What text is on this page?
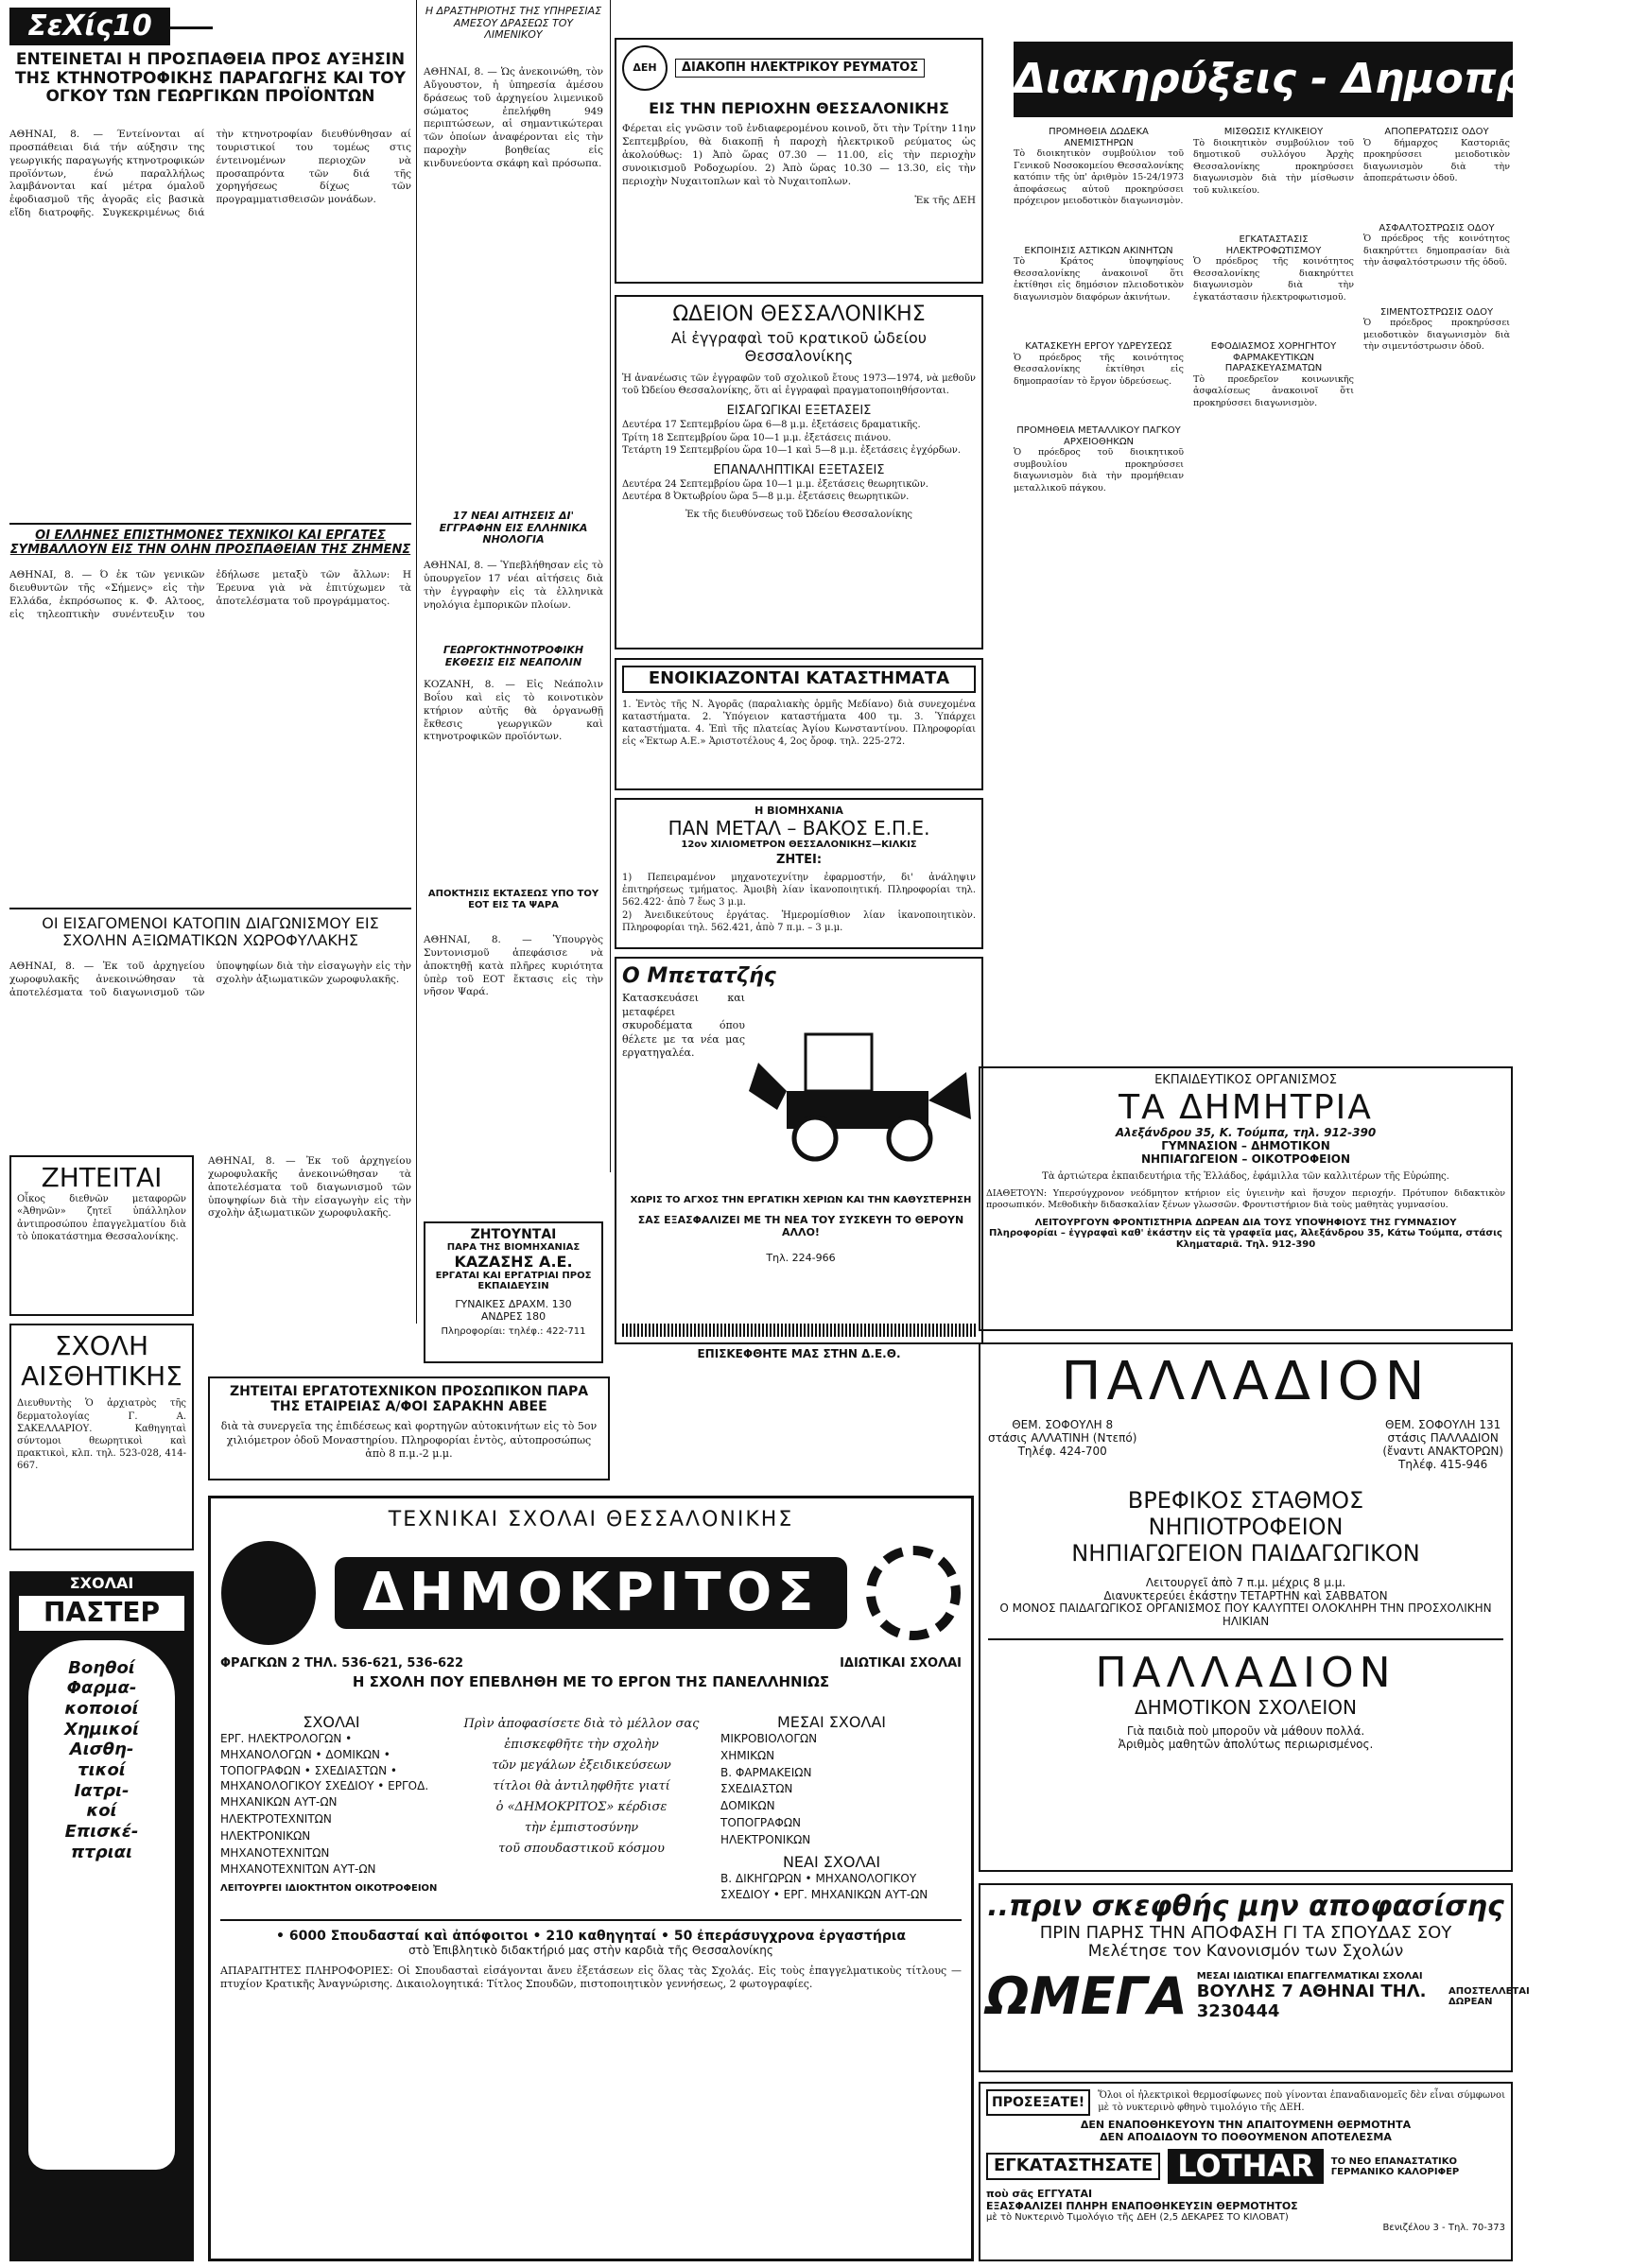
ΣεΧίς10
ΕΝΤΕΙΝΕΤΑΙ Η ΠΡΟΣΠΑΘΕΙΑ ΠΡΟΣ ΑΥΞΗΣΙΝ ΤΗΣ ΚΤΗΝΟΤΡΟΦΙΚΗΣ ΠΑΡΑΓΩΓΗΣ ΚΑΙ ΤΟΥ ΟΓΚΟΥ ΤΩΝ ΓΕΩΡΓΙΚΩΝ ΠΡΟΪΟΝΤΩΝ
ΑΘΗΝΑΙ, 8. — Έντείνονται αί προσπάθειαι διά τήν αύξησιν της γεωργικής παραγωγής κτηνοτροφικών προϊόντων, ένώ παραλλήλως λαμβάνονται καί μέτρα όμαλοῦ ἐφοδιασμοῦ τῆς ἀγορᾶς εἰς βασικὰ εἴδη διατροφῆς. Συγκεκριμένως διά τὴν κτηνοτροφίαν διευθύνθησαν αί τουριστικοί του τομέως στις έντεινομένων περιοχῶν νὰ προσαπρόντα τῶν διά τῆς χορηγήσεως δίχως τῶν προγραμματισθεισῶν μονάδων.
ΟΙ ΕΛΛΗΝΕΣ ΕΠΙΣΤΗΜΟΝΕΣ ΤΕΧΝΙΚΟΙ ΚΑΙ ΕΡΓΑΤΕΣ ΣΥΜΒΑΛΛΟΥΝ ΕΙΣ ΤΗΝ ΟΛΗΝ ΠΡΟΣΠΑΘΕΙΑΝ ΤΗΣ ΖΗΜΕΝΣ
ΑΘΗΝΑΙ, 8. — Ό ἐκ τῶν γενικῶν διευθυντῶν τῆς «Σήμενς» εἰς τὴν Ελλάδα, ἐκπρόσωπος κ. Φ. Αλτοος, εἰς τηλεοπτικὴν συνέντευξιν του ἐδήλωσε μεταξὺ τῶν ἄλλων: Η Έρευνα γιὰ νὰ ἐπιτύχωμεν τὰ ἀποτελέσματα τοῦ προγράμματος.
ΟΙ ΕΙΣΑΓΟΜΕΝΟΙ ΚΑΤΟΠΙΝ ΔΙΑΓΩΝΙΣΜΟΥ ΕΙΣ ΣΧΟΛΗΝ ΑΞΙΩΜΑΤΙΚΩΝ ΧΩΡΟΦΥΛΑΚΗΣ
ΑΘΗΝΑΙ, 8. — Ἐκ τοῦ ἀρχηγείου χωροφυλακῆς ἀνεκοινώθησαν τὰ ἀποτελέσματα τοῦ διαγωνισμοῦ τῶν ὑποψηφίων διὰ τὴν εἰσαγωγὴν εἰς τὴν σχολὴν ἀξιωματικῶν χωροφυλακῆς.
ΖΗΤΕΙΤΑΙ
Οἶκος διεθνῶν μεταφορῶν «Ἀθηνῶν» ζητεῖ ὑπάλληλον ἀντιπροσώπου ἐπαγγελματίου διὰ τὸ ὑποκατάστημα Θεσσαλονίκης.
ΣΧΟΛΗ ΑΙΣΘΗΤΙΚΗΣ
Διευθυντὴς Ὁ ἀρχιατρὸς τῆς δερματολογίας Γ. Α. ΣΑΚΕΛΛΑΡΙΟΥ. Καθηγηταὶ σύντομοι θεωρητικοὶ καὶ πρακτικοὶ, κλπ. τηλ. 523-028, 414-667.
ΣΧΟΛΑΙ
ΠΑΣΤΕΡ
Βοηθοί
Φαρμα-
κοποιοί
Χημικοί
Αισθη-
τικοί
Ιατρι-
κοί
Επισκέ-
πτριαι
Η ΔΡΑΣΤΗΡΙΟΤΗΣ ΤΗΣ ΥΠΗΡΕΣΙΑΣ ΑΜΕΣΟΥ ΔΡΑΣΕΩΣ ΤΟΥ ΛΙΜΕΝΙΚΟΥ
ΑΘΗΝΑΙ, 8. — Ὡς ἀνεκοινώθη, τὸν Αὔγουστον, ἡ ὑπηρεσία ἀμέσου δράσεως τοῦ ἀρχηγείου λιμενικοῦ σώματος ἐπελήφθη 949 περιπτώσεων, αἱ σημαντικώτεραι τῶν ὁποίων ἀναφέρονται εἰς τὴν παροχὴν βοηθείας εἰς κινδυνεύοντα σκάφη καὶ πρόσωπα.
17 ΝΕΑΙ ΑΙΤΗΣΕΙΣ ΔΙ' ΕΓΓΡΑΦΗΝ ΕΙΣ ΕΛΛΗΝΙΚΑ ΝΗΟΛΟΓΙΑ
ΑΘΗΝΑΙ, 8. — Ὑπεβλήθησαν εἰς τὸ ὑπουργεῖον 17 νέαι αἰτήσεις διὰ τὴν ἐγγραφὴν εἰς τὰ ἑλληνικὰ νηολόγια ἐμπορικῶν πλοίων.
ΓΕΩΡΓΟΚΤΗΝΟΤΡΟΦΙΚΗ ΕΚΘΕΣΙΣ ΕΙΣ ΝΕΑΠΟΛΙΝ
ΚΟΖΑΝΗ, 8. — Εἰς Νεάπολιν Βοΐου καὶ εἰς τὸ κοινοτικὸν κτήριον αὐτῆς θὰ ὀργανωθῇ ἔκθεσις γεωργικῶν καὶ κτηνοτροφικῶν προϊόντων.
ΑΠΟΚΤΗΣΙΣ ΕΚΤΑΣΕΩΣ ΥΠΟ ΤΟΥ ΕΟΤ ΕΙΣ ΤΑ ΨΑΡΑ
ΑΘΗΝΑΙ, 8. — Ὑπουργὸς Συντονισμοῦ ἀπεφάσισε νὰ ἀποκτηθῇ κατὰ πλῆρες κυριότητα ὑπὲρ τοῦ ΕΟΤ ἔκτασις εἰς τὴν νῆσον Ψαρά.
ΖΗΤΟΥΝΤΑΙ
ΠΑΡΑ ΤΗΣ ΒΙΟΜΗΧΑΝΙΑΣ
ΚΑΖΑΣΗΣ Α.Ε.
ΕΡΓΑΤΑΙ ΚΑΙ ΕΡΓΑΤΡΙΑΙ ΠΡΟΣ ΕΚΠΑΙΔΕΥΣΙΝ
ΓΥΝΑΙΚΕΣ ΔΡΑΧΜ. 130
ΑΝΔΡΕΣ 180
Πληροφορίαι: τηλέφ.: 422-711
ΖΗΤΕΙΤΑΙ ΕΡΓΑΤΟΤΕΧΝΙΚΟΝ ΠΡΟΣΩΠΙΚΟΝ ΠΑΡΑ ΤΗΣ ΕΤΑΙΡΕΙΑΣ Α/ΦΟΙ ΣΑΡΑΚΗΝ ΑΒΕΕ
διὰ τὰ συνεργεῖα της ἐπιδέσεως καὶ φορτηγῶν αὐτοκινήτων εἰς τὸ 5ον χιλιόμετρον ὁδοῦ Μοναστηρίου. Πληροφορίαι ἐντὸς, αὐτοπροσώπως ἀπὸ 8 π.μ.-2 μ.μ.
ΑΘΗΝΑΙ, 8. — Ἐκ τοῦ ἀρχηγείου χωροφυλακῆς ἀνεκοινώθησαν τὰ ἀποτελέσματα τοῦ διαγωνισμοῦ τῶν ὑποψηφίων διὰ τὴν εἰσαγωγὴν εἰς τὴν σχολὴν ἀξιωματικῶν χωροφυλακῆς.
ΔΕΗ	ΔΙΑΚΟΠΗ ΗΛΕΚΤΡΙΚΟΥ ΡΕΥΜΑΤΟΣ
ΕΙΣ ΤΗΝ ΠΕΡΙΟΧΗΝ ΘΕΣΣΑΛΟΝΙΚΗΣ
Φέρεται εἰς γνῶσιν τοῦ ἐνδιαφερομένου κοινοῦ, ὅτι τὴν Τρίτην 11ην Σεπτεμβρίου, θὰ διακοπῇ ἡ παροχὴ ἠλεκτρικοῦ ρεύματος ὡς ἀκολούθως: 1) Ἀπὸ ὥρας 07.30 — 11.00, εἰς τὴν περιοχὴν συνοικισμοῦ Ροδοχωρίου. 2) Ἀπὸ ὥρας 10.30 — 13.30, εἰς τὴν περιοχὴν Νυχαιτοπλων καὶ τὸ Νυχαιτοπλων.
Ἐκ τῆς ΔΕΗ
ΩΔΕΙΟΝ ΘΕΣΣΑΛΟΝΙΚΗΣ
Αἱ ἐγγραφαὶ τοῦ κρατικοῦ ὠδείου Θεσσαλονίκης
Ἡ ἀνανέωσις τῶν ἐγγραφῶν τοῦ σχολικοῦ ἔτους 1973—1974, νὰ μεθοῦν τοῦ Ὠδείου Θεσσαλονίκης, ὅτι αἱ ἐγγραφαὶ πραγματοποιηθήσονται.
ΕΙΣΑΓΩΓΙΚΑΙ ΕΞΕΤΑΣΕΙΣ
Δευτέρα 17 Σεπτεμβρίου ὥρα 6—8 μ.μ. ἐξετάσεις δραματικῆς.
Τρίτη 18 Σεπτεμβρίου ὥρα 10—1 μ.μ. ἐξετάσεις πιάνου.
Τετάρτη 19 Σεπτεμβρίου ὥρα 10—1 καὶ 5—8 μ.μ. ἐξετάσεις ἐγχόρδων.
ΕΠΑΝΑΛΗΠΤΙΚΑΙ ΕΞΕΤΑΣΕΙΣ
Δευτέρα 24 Σεπτεμβρίου ὥρα 10—1 μ.μ. ἐξετάσεις θεωρητικῶν.
Δευτέρα 8 Ὀκτωβρίου ὥρα 5—8 μ.μ. ἐξετάσεις θεωρητικῶν.
Ἐκ τῆς διευθύνσεως τοῦ Ὠδείου Θεσσαλονίκης
ΕΝΟΙΚΙΑΖΟΝΤΑΙ ΚΑΤΑΣΤΗΜΑΤΑ
1. Ἐντὸς τῆς Ν. Ἀγορᾶς (παραλιακὴς ὁρμῆς Μεδίανο) διὰ συνεχομένα καταστήματα. 2. Ὑπόγειον καταστήματα 400 τμ. 3. Ὑπάρχει καταστήματα. 4. Ἐπὶ τῆς πλατείας Ἀγίου Κωνσταντίνου. Πληροφορίαι εἰς «Ἐκτωρ Α.Ε.» Ἀριστοτέλους 4, 2ος ὄροφ. τηλ. 225-272.
Η ΒΙΟΜΗΧΑΝΙΑ
ΠΑΝ ΜΕΤΑΛ – ΒΑΚΟΣ Ε.Π.Ε.
12ον ΧΙΛΙΟΜΕΤΡΟΝ ΘΕΣΣΑΛΟΝΙΚΗΣ—ΚΙΛΚΙΣ
ΖΗΤΕΙ:
1) Πεπειραμένον μηχανοτεχνίτην ἐφαρμοστήν, δι' ἀνάληψιν ἐπιτηρήσεως τμήματος. Ἀμοιβὴ λίαν ἱκανοποιητική. Πληροφορίαι τηλ. 562.422· ἀπὸ 7 ἕως 3 μ.μ.
2) Ἀνειδικεύτους ἐργάτας. Ἡμερομίσθιον λίαν ἱκανοποιητικὸν. Πληροφορίαι τηλ. 562.421, ἀπὸ 7 π.μ. – 3 μ.μ.
Ο Μπετατζής
Κατασκευάσει και μεταφέρει σκυροδέματα όπου θέλετε με τα νέα μας εργατηγαλέα.
ΧΩΡΙΣ ΤΟ ΑΓΧΟΣ ΤΗΝ ΕΡΓΑΤΙΚΗ ΧΕΡΙΩΝ ΚΑΙ ΤΗΝ ΚΑΘΥΣΤΕΡΗΣΗ
ΣΑΣ ΕΞΑΣΦΑΛΙΖΕΙ ΜΕ ΤΗ ΝΕΑ ΤΟΥ ΣΥΣΚΕΥΗ ΤΟ ΘΕΡΟΥΝ ΑΛΛΟ!
Τηλ. 224-966
ΕΠΙΣΚΕΦΘΗΤΕ ΜΑΣ ΣΤΗΝ Δ.Ε.Θ.
Διακηρύξεις - Δημοπρασίαι
ΠΡΟΜΗΘΕΙΑ ΔΩΔΕΚΑ ΑΝΕΜΙΣΤΗΡΩΝ
Τὸ διοικητικὸν συμβούλιον τοῦ Γενικοῦ Νοσοκομείου Θεσσαλονίκης κατόπιν τῆς ὑπ' ἀριθμὸν 15-24/1973 ἀποφάσεως αὐτοῦ προκηρύσσει πρόχειρον μειοδοτικὸν διαγωνισμὸν.
ΕΚΠΟΙΗΣΙΣ ΑΣΤΙΚΩΝ ΑΚΙΝΗΤΩΝ
Τὸ Κράτος ὑποψηφίους Θεσσαλονίκης ἀνακοινοῖ ὅτι ἐκτίθησι εἰς δημόσιον πλειοδοτικὸν διαγωνισμὸν διαφόρων ἀκινήτων.
ΚΑΤΑΣΚΕΥΗ ΕΡΓΟΥ ΥΔΡΕΥΣΕΩΣ
Ὁ πρόεδρος τῆς κοινότητος Θεσσαλονίκης ἐκτίθησι εἰς δημοπρασίαν τὸ ἔργον ὑδρεύσεως.
ΠΡΟΜΗΘΕΙΑ ΜΕΤΑΛΛΙΚΟΥ ΠΑΓΚΟΥ ΑΡΧΕΙΟΘΗΚΩΝ
Ὁ πρόεδρος τοῦ διοικητικοῦ συμβουλίου προκηρύσσει διαγωνισμὸν διὰ τὴν προμήθειαν μεταλλικοῦ πάγκου.
ΜΙΣΘΩΣΙΣ ΚΥΛΙΚΕΙΟΥ
Τὸ διοικητικὸν συμβούλιον τοῦ δημοτικοῦ συλλόγου Ἀρχὴς Θεσσαλονίκης προκηρύσσει διαγωνισμὸν διὰ τὴν μίσθωσιν τοῦ κυλικείου.
ΕΓΚΑΤΑΣΤΑΣΙΣ ΗΛΕΚΤΡΟΦΩΤΙΣΜΟΥ
Ὁ πρόεδρος τῆς κοινότητος Θεσσαλονίκης διακηρύττει διαγωνισμὸν διὰ τὴν ἐγκατάστασιν ἠλεκτροφωτισμοῦ.
ΕΦΟΔΙΑΣΜΟΣ ΧΟΡΗΓΗΤΟΥ ΦΑΡΜΑΚΕΥΤΙΚΩΝ ΠΑΡΑΣΚΕΥΑΣΜΑΤΩΝ
Τὸ προεδρεῖον κοινωνικῆς ἀσφαλίσεως ἀνακοινοῖ ὅτι προκηρύσσει διαγωνισμὸν.
ΑΠΟΠΕΡΑΤΩΣΙΣ ΟΔΟΥ
Ὁ δήμαρχος Καστοριᾶς προκηρύσσει μειοδοτικὸν διαγωνισμὸν διὰ τὴν ἀποπεράτωσιν ὁδοῦ.
ΑΣΦΑΛΤΟΣΤΡΩΣΙΣ ΟΔΟΥ
Ὁ πρόεδρος τῆς κοινότητος διακηρύττει δημοπρασίαν διὰ τὴν ἀσφαλτόστρωσιν τῆς ὁδοῦ.
ΣΙΜΕΝΤΟΣΤΡΩΣΙΣ ΟΔΟΥ
Ὁ πρόεδρος προκηρύσσει μειοδοτικὸν διαγωνισμὸν διὰ τὴν σιμεντόστρωσιν ὁδοῦ.
ΕΚΠΑΙΔΕΥΤΙΚΟΣ ΟΡΓΑΝΙΣΜΟΣ
ΤΑ ΔΗΜΗΤΡΙΑ
Αλεξάνδρου 35, Κ. Τούμπα, τηλ. 912-390
ΓΥΜΝΑΣΙΟΝ – ΔΗΜΟΤΙΚΟΝ
ΝΗΠΙΑΓΩΓΕΙΟΝ – ΟΙΚΟΤΡΟΦΕΙΟΝ
Τὰ ἀρτιώτερα ἐκπαιδευτήρια τῆς Ἑλλάδος, ἐφάμιλλα τῶν καλλιτέρων τῆς Εὐρώπης.
ΔΙΑΘΕΤΟΥΝ: Υπερσύγχρονον νεόδμητον κτήριον εἰς ὑγιεινὴν καὶ ἥσυχον περιοχήν. Πρότυπον διδακτικὸν προσωπικόν. Μεθοδικὴν διδασκαλίαν ξένων γλωσσῶν. Φροντιστήριον διὰ τοὺς μαθητὰς γυμνασίου.
ΛΕΙΤΟΥΡΓΟΥΝ ΦΡΟΝΤΙΣΤΗΡΙΑ ΔΩΡΕΑΝ ΔΙΑ ΤΟΥΣ ΥΠΟΨΗΦΙΟΥΣ ΤΗΣ ΓΥΜΝΑΣΙΟΥ
Πληροφορίαι – ἐγγραφαὶ καθ' ἑκάστην εἰς τὰ γραφεῖα μας, Ἀλεξάνδρου 35, Κάτω Τούμπα, στάσις Κληματαριᾶ. Τηλ. 912-390
ΠΑΛΛΑΔΙΟΝ
ΘΕΜ. ΣΟΦΟΥΛΗ 8
στάσις ΑΛΛΑΤΙΝΗ (Ντεπό)
Τηλέφ. 424-700
ΘΕΜ. ΣΟΦΟΥΛΗ 131
στάσις ΠΑΛΛΑΔΙΟΝ
(ἔναντι ΑΝΑΚΤΟΡΩΝ)
Τηλέφ. 415-946
ΒΡΕΦΙΚΟΣ ΣΤΑΘΜΟΣ
ΝΗΠΙΟΤΡΟΦΕΙΟΝ
ΝΗΠΙΑΓΩΓΕΙΟΝ ΠΑΙΔΑΓΩΓΙΚΟΝ
Λειτουργεῖ ἀπὸ 7 π.μ. μέχρις 8 μ.μ.
Διανυκτερεύει ἑκάστην ΤΕΤΑΡΤΗΝ καὶ ΣΑΒΒΑΤΟΝ
Ο ΜΟΝΟΣ ΠΑΙΔΑΓΩΓΙΚΟΣ ΟΡΓΑΝΙΣΜΟΣ ΠΟΥ ΚΑΛΥΠΤΕΙ ΟΛΟΚΛΗΡΗ ΤΗΝ ΠΡΟΣΧΟΛΙΚΗΝ ΗΛΙΚΙΑΝ
ΠΑΛΛΑΔΙΟΝ
ΔΗΜΟΤΙΚΟΝ ΣΧΟΛΕΙΟΝ
Γιὰ παιδιὰ ποὺ μποροῦν νὰ μάθουν πολλά.
Ἀριθμὸς μαθητῶν ἀπολύτως περιωρισμένος.
..πριν σκεφθής μην αποφασίσης
ΠΡΙΝ ΠΑΡΗΣ ΤΗΝ ΑΠΟΦΑΣΗ ΓΙ ΤΑ ΣΠΟΥΔΑΣ ΣΟΥ
Μελέτησε τον Κανονισμόν των Σχολών
ΩΜΕΓΑ ΜΕΣΑΙ ΙΔΙΩΤΙΚΑΙ ΕΠΑΓΓΕΛΜΑΤΙΚΑΙ ΣΧΟΛΑΙ
ΒΟΥΛΗΣ 7 ΑΘΗΝΑΙ ΤΗΛ. 3230444
ΑΠΟΣΤΕΛΛΕΤΑΙ ΔΩΡΕΑΝ
ΠΡΟΣΕΞΑΤΕ!	Ὅλοι οἱ ἠλεκτρικοὶ θερμοσίφωνες ποὺ γίνονται ἐπαναδιανομεῖς δὲν εἶναι σύμφωνοι μὲ τὸ νυκτερινὸ φθηνὸ τιμολόγιο τῆς ΔΕΗ.
ΔΕΝ ΕΝΑΠΟΘΗΚΕΥΟΥΝ ΤΗΝ ΑΠΑΙΤΟΥΜΕΝΗ ΘΕΡΜΟΤΗΤΑ
ΔΕΝ ΑΠΟΔΙΔΟΥΝ ΤΟ ΠΟΘΟΥΜΕΝΟΝ ΑΠΟΤΕΛΕΣΜΑ
ΕΓΚΑΤΑΣΤΗΣΑΤΕ LOTHAR	ΤΟ ΝΕΟ ΕΠΑΝΑΣΤΑΤΙΚΟ ΓΕΡΜΑΝΙΚΟ ΚΑΛΟΡΙΦΕΡ
ποὺ σᾶς ΕΓΓΥΑΤΑΙ
ΕΞΑΣΦΑΛΙΖΕΙ ΠΛΗΡΗ ΕΝΑΠΟΘΗΚΕΥΣΙΝ ΘΕΡΜΟΤΗΤΟΣ
μὲ τὸ Νυκτερινὸ Τιμολόγιο τῆς ΔΕΗ (2,5 ΔΕΚΑΡΕΣ ΤΟ ΚΙΛΟΒΑΤ)
Βενιζέλου 3 - Τηλ. 70-373
ΤΕΧΝΙΚΑΙ ΣΧΟΛΑΙ ΘΕΣΣΑΛΟΝΙΚΗΣ
ΔΗΜΟΚΡΙΤΟΣ
ΦΡΑΓΚΩΝ 2 ΤΗΛ. 536-621, 536-622	ΙΔΙΩΤΙΚΑΙ ΣΧΟΛΑΙ
Η ΣΧΟΛΗ ΠΟΥ ΕΠΕΒΛΗΘΗ ΜΕ ΤΟ ΕΡΓΟΝ ΤΗΣ ΠΑΝΕΛΛΗΝΙΩΣ
ΣΧΟΛΑΙ
ΕΡΓ. ΗΛΕΚΤΡΟΛΟΓΩΝ • ΜΗΧΑΝΟΛΟΓΩΝ • ΔΟΜΙΚΩΝ • ΤΟΠΟΓΡΑΦΩΝ • ΣΧΕΔΙΑΣΤΩΝ • ΜΗΧΑΝΟΛΟΓΙΚΟΥ ΣΧΕΔΙΟΥ • ΕΡΓΟΔ. ΜΗΧΑΝΙΚΩΝ ΑΥΤ-ΩΝ
ΗΛΕΚΤΡΟΤΕΧΝΙΤΩΝ
ΗΛΕΚΤΡΟΝΙΚΩΝ
ΜΗΧΑΝΟΤΕΧΝΙΤΩΝ
ΜΗΧΑΝΟΤΕΧΝΙΤΩΝ ΑΥΤ-ΩΝ
ΛΕΙΤΟΥΡΓΕΙ ΙΔΙΟΚΤΗΤΟΝ ΟΙΚΟΤΡΟΦΕΙΟΝ
Πρὶν ἀποφασίσετε διὰ τὸ μέλλον σας
ἐπισκεφθῆτε τὴν σχολὴν
τῶν μεγάλων ἐξειδικεύσεων
τίτλοι θὰ ἀντιληφθῆτε γιατί
ὁ «ΔΗΜΟΚΡΙΤΟΣ» κέρδισε
τὴν ἐμπιστοσύνην
τοῦ σπουδαστικοῦ κόσμου
ΜΕΣΑΙ ΣΧΟΛΑΙ
ΜΙΚΡΟΒΙΟΛΟΓΩΝ
ΧΗΜΙΚΩΝ
Β. ΦΑΡΜΑΚΕΙΩΝ
ΣΧΕΔΙΑΣΤΩΝ
ΔΟΜΙΚΩΝ
ΤΟΠΟΓΡΑΦΩΝ
ΗΛΕΚΤΡΟΝΙΚΩΝ
ΝΕΑΙ ΣΧΟΛΑΙ
Β. ΔΙΚΗΓΩΡΩΝ • ΜΗΧΑΝΟΛΟΓΙΚΟΥ ΣΧΕΔΙΟΥ • ΕΡΓ. ΜΗΧΑΝΙΚΩΝ ΑΥΤ-ΩΝ
• 6000 Σπουδασταί καὶ ἀπόφοιτοι • 210 καθηγηταί • 50 ἐπεράσυγχρονα ἐργαστήρια
στὸ Ἐπιβλητικὸ διδακτήριό μας στὴν καρδιὰ τῆς Θεσσαλονίκης
ΑΠΑΡΑΙΤΗΤΕΣ ΠΛΗΡΟΦΟΡΙΕΣ: Οἱ Σπουδασταὶ εἰσάγονται ἄνευ ἐξετάσεων εἰς ὅλας τὰς Σχολάς. Εἰς τοὺς ἐπαγγελματικοὺς τίτλους — πτυχίον Κρατικῆς Ἀναγνώρισης. Δικαιολογητικά: Τίτλος Σπουδῶν, πιστοποιητικὸν γεννήσεως, 2 φωτογραφίες.
